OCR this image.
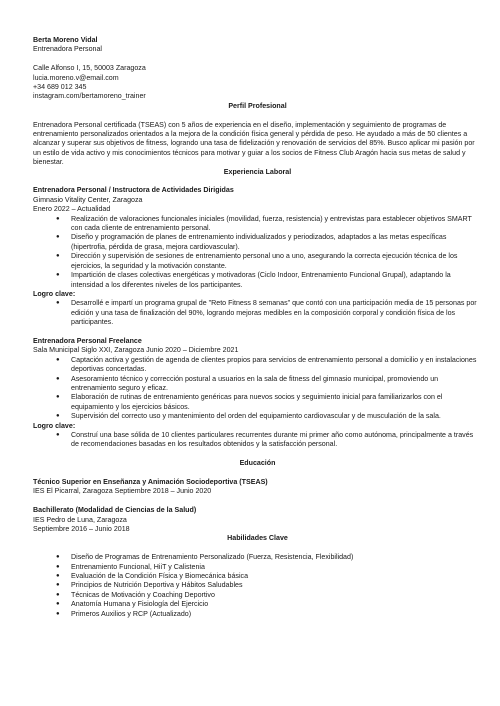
Berta Moreno Vidal
Entrenadora Personal
Calle Alfonso I, 15, 50003 Zaragoza
lucia.moreno.v@email.com
+34 689 012 345
instagram.com/bertamoreno_trainer
Perfil Profesional

Entrenadora Personal certificada (TSEAS) con 5 años de experiencia en el diseño, implementación y seguimiento de programas de entrenamiento personalizados orientados a la mejora de la condición física general y pérdida de peso. He ayudado a más de 50 clientes a alcanzar y superar sus objetivos de fitness, logrando una tasa de fidelización y renovación de servicios del 85%. Busco aplicar mi pasión por un estilo de vida activo y mis conocimientos técnicos para motivar y guiar a los socios de Fitness Club Aragón hacia sus metas de salud y bienestar.

Experiencia Laboral
Entrenadora Personal / Instructora de Actividades Dirigidas
Gimnasio Vitality Center, Zaragoza
Enero 2022 – Actualidad
● Realización de valoraciones funcionales iniciales (movilidad, fuerza, resistencia) y entrevistas para establecer objetivos SMART con cada cliente de entrenamiento personal.
● Diseño y programación de planes de entrenamiento individualizados y periodizados, adaptados a las metas específicas (hipertrofia, pérdida de grasa, mejora cardiovascular).
● Dirección y supervisión de sesiones de entrenamiento personal uno a uno, asegurando la correcta ejecución técnica de los ejercicios, la seguridad y la motivación constante.
● Impartición de clases colectivas energéticas y motivadoras (Ciclo Indoor, Entrenamiento Funcional Grupal), adaptando la intensidad a los diferentes niveles de los participantes.
Logro clave:
● Desarrollé e impartí un programa grupal de "Reto Fitness 8 semanas" que contó con una participación media de 15 personas por edición y una tasa de finalización del 90%, logrando mejoras medibles en la composición corporal y condición física de los participantes.
Entrenadora Personal Freelance
Sala Municipal Siglo XXI, Zaragoza Junio 2020 – Diciembre 2021
● Captación activa y gestión de agenda de clientes propios para servicios de entrenamiento personal a domicilio y en instalaciones deportivas concertadas.
● Asesoramiento técnico y corrección postural a usuarios en la sala de fitness del gimnasio municipal, promoviendo un entrenamiento seguro y eficaz.
● Elaboración de rutinas de entrenamiento genéricas para nuevos socios y seguimiento inicial para familiarizarlos con el equipamiento y los ejercicios básicos.
● Supervisión del correcto uso y mantenimiento del orden del equipamiento cardiovascular y de musculación de la sala.
Logro clave:
● Construí una base sólida de 10 clientes particulares recurrentes durante mi primer año como autónoma, principalmente a través de recomendaciones basadas en los resultados obtenidos y la satisfacción personal.
Educación
Técnico Superior en Enseñanza y Animación Sociodeportiva (TSEAS)
IES El Picarral, Zaragoza Septiembre 2018 – Junio 2020
Bachillerato (Modalidad de Ciencias de la Salud)
IES Pedro de Luna, Zaragoza
Septiembre 2016 – Junio 2018
Habilidades Clave
● Diseño de Programas de Entrenamiento Personalizado (Fuerza, Resistencia, Flexibilidad)
● Entrenamiento Funcional, HiiT y Calistenia
● Evaluación de la Condición Física y Biomecánica básica
● Principios de Nutrición Deportiva y Hábitos Saludables
● Técnicas de Motivación y Coaching Deportivo
● Anatomía Humana y Fisiología del Ejercicio
● Primeros Auxilios y RCP (Actualizado)
